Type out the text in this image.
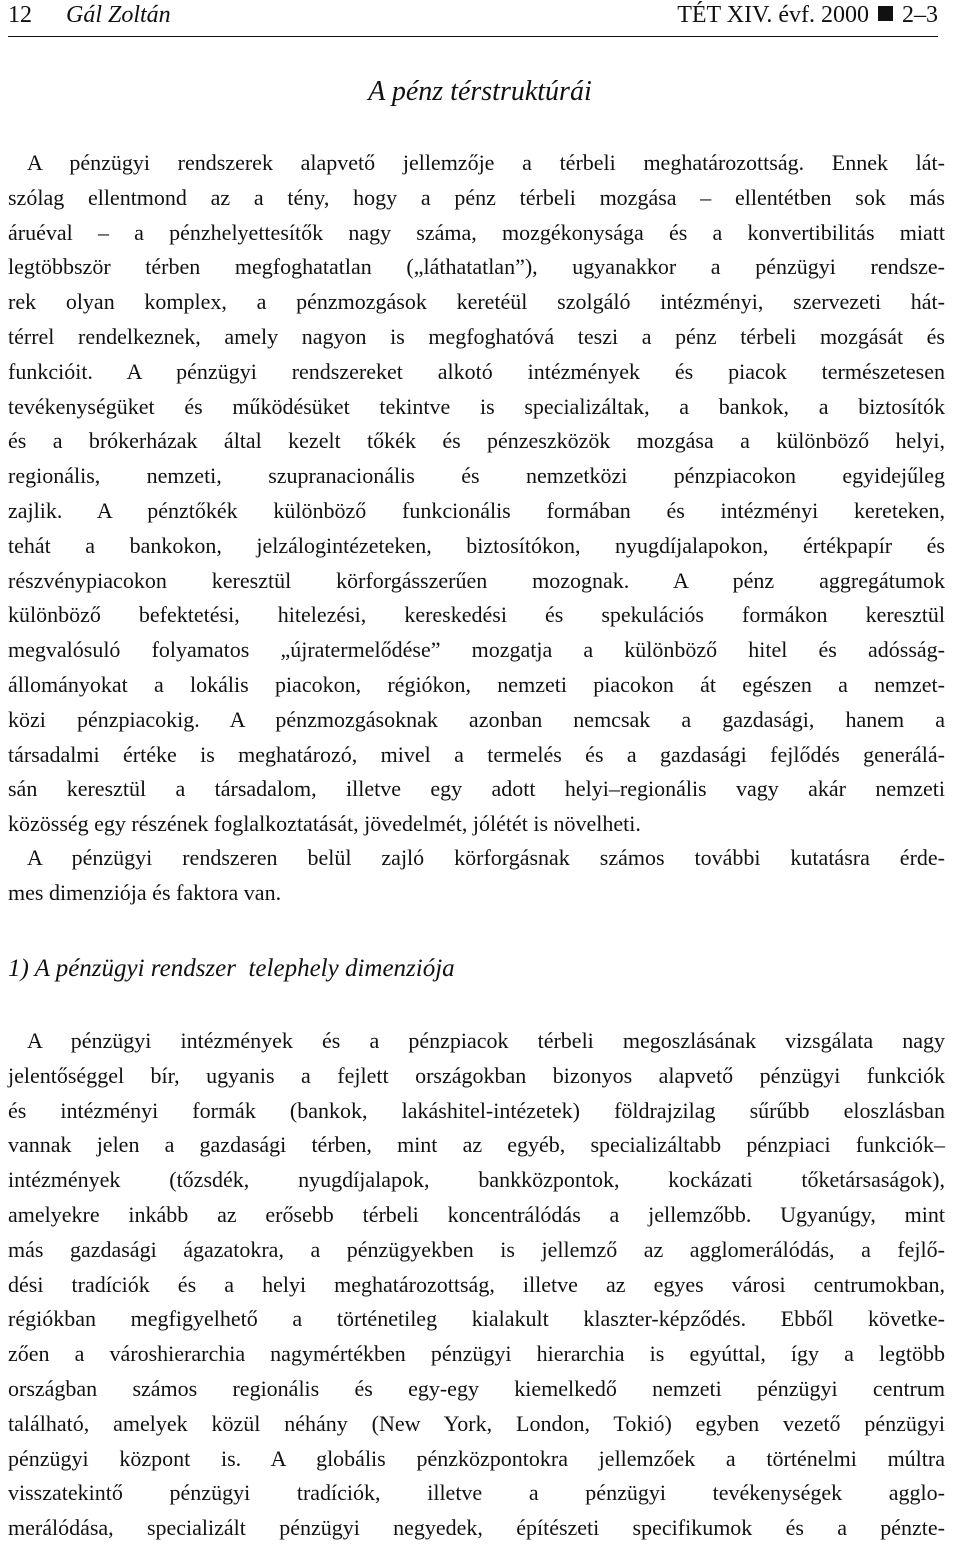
12 Gál Zoltán	TÉT XIV. évf. 2000 2–3
A pénz térstruktúrái
A pénzügyi rendszerek alapvető jellemzője a térbeli meghatározottság. Ennek lát-
szólag ellentmond az a tény, hogy a pénz térbeli mozgása – ellentétben sok más
áruéval – a pénzhelyettesítők nagy száma, mozgékonysága és a konvertibilitás miatt
legtöbbször térben megfoghatatlan („láthatatlan”), ugyanakkor a pénzügyi rendsze-
rek olyan komplex, a pénzmozgások keretéül szolgáló intézményi, szervezeti hát-
térrel rendelkeznek, amely nagyon is megfoghatóvá teszi a pénz térbeli mozgását és
funkcióit. A pénzügyi rendszereket alkotó intézmények és piacok természetesen
tevékenységüket és működésüket tekintve is specializáltak, a bankok, a biztosítók
és a brókerházak által kezelt tőkék és pénzeszközök mozgása a különböző helyi,
regionális, nemzeti, szupranacionális és nemzetközi pénzpiacokon egyidejűleg
zajlik. A pénztőkék különböző funkcionális formában és intézményi kereteken,
tehát a bankokon, jelzálogintézeteken, biztosítókon, nyugdíjalapokon, értékpapír és
részvénypiacokon keresztül körforgásszerűen mozognak. A pénz aggregátumok
különböző befektetési, hitelezési, kereskedési és spekulációs formákon keresztül
megvalósuló folyamatos „újratermelődése” mozgatja a különböző hitel és adósság-
állományokat a lokális piacokon, régiókon, nemzeti piacokon át egészen a nemzet-
közi pénzpiacokig. A pénzmozgásoknak azonban nemcsak a gazdasági, hanem a
társadalmi értéke is meghatározó, mivel a termelés és a gazdasági fejlődés generálá-
sán keresztül a társadalom, illetve egy adott helyi–regionális vagy akár nemzeti
közösség egy részének foglalkoztatását, jövedelmét, jólétét is növelheti.
A pénzügyi rendszeren belül zajló körforgásnak számos további kutatásra érde-
mes dimenziója és faktora van.
1) A pénzügyi rendszer  telephely dimenziója
A pénzügyi intézmények és a pénzpiacok térbeli megoszlásának vizsgálata nagy
jelentőséggel bír, ugyanis a fejlett országokban bizonyos alapvető pénzügyi funkciók
és intézményi formák (bankok, lakáshitel-intézetek) földrajzilag sűrűbb eloszlásban
vannak jelen a gazdasági térben, mint az egyéb, specializáltabb pénzpiaci funkciók–
intézmények (tőzsdék, nyugdíjalapok, bankközpontok, kockázati tőketársaságok),
amelyekre inkább az erősebb térbeli koncentrálódás a jellemzőbb. Ugyanúgy, mint
más gazdasági ágazatokra, a pénzügyekben is jellemző az agglomerálódás, a fejlő-
dési tradíciók és a helyi meghatározottság, illetve az egyes városi centrumokban,
régiókban megfigyelhető a történetileg kialakult klaszter-képződés. Ebből követke-
zően a városhierarchia nagymértékben pénzügyi hierarchia is egyúttal, így a legtöbb
országban számos regionális és egy-egy kiemelkedő nemzeti pénzügyi centrum
található, amelyek közül néhány (New York, London, Tokió) egyben vezető pénzügyi
pénzügyi központ is. A globális pénzközpontokra jellemzőek a történelmi múltra
visszatekintő pénzügyi tradíciók, illetve a pénzügyi tevékenységek agglo-
merálódása, specializált pénzügyi negyedek, építészeti specifikumok és a pénzte-
